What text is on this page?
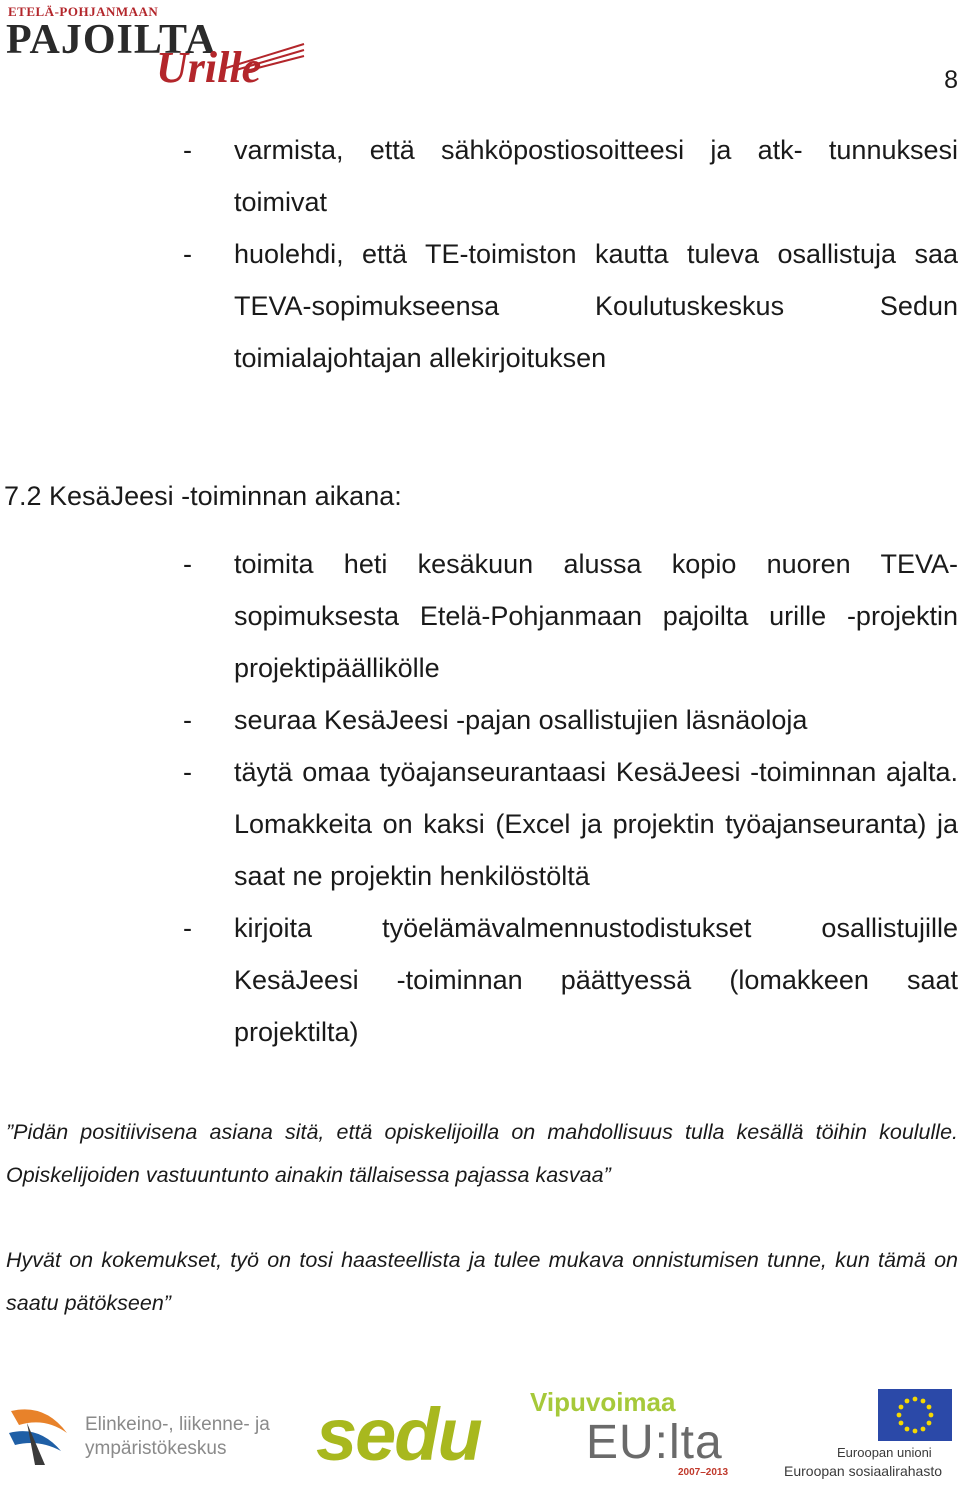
ETELÄ-POHJANMAAN
PAJOILTA
Urille	8
- varmista, että sähköpostiosoitteesi ja atk- tunnuksesi toimivat
- huolehdi, että TE-toimiston kautta tuleva osallistuja saa TEVA-sopimukseensa Koulutuskeskus Sedun toimialajohtajan allekirjoituksen
7.2 KesäJeesi -toiminnan aikana:
- toimita heti kesäkuun alussa kopio nuoren TEVA-sopimuksesta Etelä-Pohjanmaan pajoilta urille -projektin projektipäällikölle
- seuraa KesäJeesi -pajan osallistujien läsnäoloja
- täytä omaa työajanseurantaasi KesäJeesi -toiminnan ajalta. Lomakkeita on kaksi (Excel ja projektin työajanseuranta) ja saat ne projektin henkilöstöltä
- kirjoita työelämävalmennustodistukset osallistujille KesäJeesi -toiminnan päättyessä (lomakkeen saat projektilta)
”Pidän positiivisena asiana sitä, että opiskelijoilla on mahdollisuus tulla kesällä töihin koululle. Opiskelijoiden vastuuntunto ainakin tällaisessa pajassa kasvaa”
Hyvät on kokemukset, työ on tosi haasteellista ja tulee mukava onnistumisen tunne, kun tämä on saatu pätökseen”
Elinkeino-, liikenne- ja
ympäristökeskus	sedu Vipuvoimaa
EU:lta
2007–2013
Euroopan unioni
Euroopan sosiaalirahasto
